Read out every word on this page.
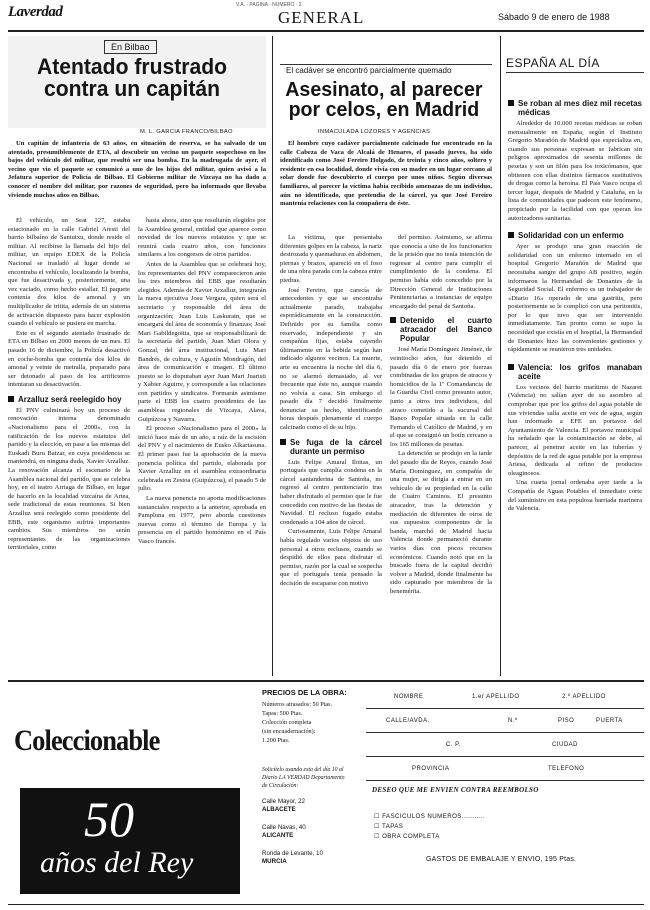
Laverdad	V.A. · PAGINA · NUMERO · 2
GENERAL	Sábado 9 de enero de 1988
En Bilbao
Atentado frustrado
contra un capitán
M. L. GARCIA FRANCO/BILBAO
Un capitán de infantería de 63 años, en situación de reserva, se ha salvado de un atentado, presumiblemente de ETA, al descubrir un vecino un paquete sospechoso en los bajos del vehículo del militar, que resultó ser una bomba. En la madrugada de ayer, el vecino que vio el paquete se comunicó a uno de los hijos del militar, quien avisó a la Jefatura superior de Policía de Bilbao. El Gobierno militar de Vizcaya no ha dado a conocer el nombre del militar, por razones de seguridad, pero ha informado que llevaba viviendo muchos años en Bilbao.

El vehículo, un Seat 127, estaba estacionado en la calle Gabriel Aresti del barrio bilbaíno de Santutxu, donde reside el militar. Al recibirse la llamada del hijo del militar, un equipo EDEX de la Policía Nacional se trasladó al lugar donde se encontraba el vehículo, localizando la bomba, que fue desactivada y, posteriormente, una vez vaciado, como hecho estallar. El paquete contenía dos kilos de amonal y un multiplicador de tritita, además de un sistema de activación dispuesto para hacer explosión cuando el vehículo se pusiera en marcha.

Este es el segundo atentado frustrado de ETA en Bilbao en 2000 menos de un mes. El pasado 16 de diciembre, la Policía desactivó en coche-bomba que contenía dos kilos de amonal y veinte de metralla, preparado para ser detonado al paso de los artificieros intentaran su desactivación.

Arzalluz será reelegido hoy

El PNV culminará hoy un proceso de renovación interna denominado «Nacionalismo para el 2000», con la ratificación de los nuevos estatutos del partido y la elección, en pase a las mismas del Euskadi Buru Batzar, en cuya presidencia se mantendrá, en ninguna duda, Xavier Arzalluz. La renovación alcanza el escenario de la Asamblea nacional del partido, que se celebra hoy, en el teatro Arriaga de Bilbao, en lugar de hacerlo en la localidad vizcaína de Artea, sede tradicional de estas reuniones. Si bien Arzalluz será reelegido como presidente del EBB, este organismo sufrirá importantes cambios. Sus miembros no serán representantes de las organizaciones territoriales, como

hasta ahora, sino que resultarán elegidos por la Asamblea general, entidad que aparece como novedad de los nuevos estatutos y que se reunirá cada cuatro años, con funciones similares a los congresos de otros partidos.

Antes de la Asamblea que se celebrará hoy, los representantes del PNV comparecieron ante los tres miembros del EBB que resultarán elegidos. Además de Xavier Arzalluz, integrarán la nueva ejecutiva Josu Vergara, quien será el secretario y responsable del área de organización; Juan Luis Laskurain, que se encargará del área de economía y finanzas; José Mari Gabildegoitia, que se responsabilizará de la secretaría del partido, Juan Mari Olora y Gonzal, del área institucional, Luis Mari Bandrés, de cultura, y Agustín Mondragón, del área de comunicación e imagen. El último puesto se lo disputaban ayer Juan Mari Juaristi y Xabier Aguirre, y corresponde a las relaciones con partidos y sindicatos. Formarán asimismo parte el EBB los cuatro presidentes de las asambleas regionales de Vizcaya, Alava, Guipúzcoa y Navarra.

El proceso «Nacionalismo para el 2000» la inició hace más de un año, a raíz de la escisión del PNV y el nacimiento de Eusko Alkartasuna. El primer paso fue la aprobación de la nueva ponencia política del partido, elaborada por Xavier Arzalluz en el asamblea extraordinaria celebrada en Zestoa (Guipúzcoa), el pasado 5 de julio.

La nueva ponencia no aporta modificaciones sustanciales respecto a la anterior, aprobada en Pamplona en 1977, pero aborda cuestiones nuevas como el término de Europa y la presencia en el partido homónimo en el País Vasco francés.

El cadáver se encontró parcialmente quemado
Asesinato, al parecer
por celos, en Madrid
INMACULADA LOZORES Y AGENCIAS
El hombre cuyo cadáver parcialmente calcinado fue encontrado en la calle Cabeza de Vaca de Alcalá de Henares, el pasado jueves, ha sido identificado como José Fereiro Holgado, de treinta y cinco años, soltero y residente en esa localidad, donde vivía con su madre en un lugar cercano al solar donde fue descubierto el cuerpo por unos niños. Según diversas familiares, al parecer la víctima había recibido amenazas de un individuo, aún no identificado, que pretendía de la cárcel, ya que José Fereiro mantenía relaciones con la compañera de éste.

La víctima, que presentaba diferentes golpes en la cabeza, la nariz destrozada y quemaduras en abdomen, piernas y brazos, apareció en el foso de una obra parada con la cabeza entre piedras.

José Fereiro, que carecía de antecedentes y que se encontraba actualmente parado, trabajaba esporádicamente en la construcción. Definido por su familia como reservado, independiente y sin compañías fijas, estaba cayendo últimamente en la bebida según han indicado algunos vecinos. La muerte, arte su encuentra la noche del día 6, no se alarmó demasiado, al ver frecuente que éste no, aunque cuando no volvía a casa. Sin embargo el pasado día 7 decidió finalmente denunciar su hecho, identificando horas después plenamente el cuerpo calcinado como el de su hijo.

Se fuga de la cárcel durante un permiso

Luis Felipe Amaral Iloitas, un portugués que cumplía condena en la cárcel santanderina de Santoña, no regresó al centro penitenciario tras haber disfrutado el permiso que le fue concedido con motivo de las fiestas de Navidad. El recluso fugado estaba condenado a 104 años de cárcel.

Curiosamente, Luis Felipe Amaral había regulado varios objetos de uso personal a otros reclusos, cuando se despidió de ellos para disfrutar el permiso, razón por la cual se sospecha que el portugués tenía pensado la decisión de escaparse con motivo

del permiso. Asimismo, se afirma que conocía a uno de los funcionarios de la prisión que no tenía intención de regresar al centro para cumplir el cumplimiento de la condena. El permiso había sido concedido por la Dirección General de Instituciones Penitenciarias a instancias de equipo encargado del penal de Santoña.

Detenido el cuarto atracador del Banco Popular

José María Domínguez Jiménez, de veintiocho años, fue detenido el pasado día 6 de enero por fuerzas combinadas de los grupos de atracos y homicidios de la 1ª Comandancia de la Guardia Civil como presunto autor, junto a otros tres individuos, del atraco cometido a la sucursal del Banco Popular situada en la calle Fernando el Católico de Madrid, y en el que se consiguió un botín cercano a los 165 millones de pesetas.

La detención se produjo en la tarde del pasado día de Reyes, cuando José María Domínguez, en compañía de una mujer, se dirigía a entrar en un vehículo de su propiedad en la calle de Cuatro Caminos. El presunto atracador, tras la detención y mediación de diferentes de otros de sus supuestos componentes de la banda, marchó de Madrid hacia Valencia donde permaneció durante varios días con pocos recursos económicos. Cuando notó que en la buscado fuera de la capital decidió volver a Madrid, donde finalmente ha sido capturado por miembros de la benemérita.

ESPAÑA AL DÍA
Se roban al mes diez mil recetas médicas

Alrededor de 10.000 recetas médicas se roban mensualmente en España, según el Instituto Gregorio Marañón de Madrid que especializa en, cuando sus personas expresan se fabrican sin peligros aproximados de sesenta millones de pesetas y son un filón para los toxicómanos, que obtienen con ellas distintos fármacos sustitutivos de drogas como la heroína. El País Vasco ocupa el tercer lugar, después de Madrid y Cataluña, en la lista de comunidades que padecen este fenómeno, propiciado por la facilidad con que operan los autorizadores sanitarias.

Solidaridad con un enfermo

Ayer se produjo una gran reacción de solidaridad con un enfermo internado en el hospital Gregorio Marañón de Madrid que necesitaba sangre del grupo AB positivo, según informaron la Hermandad de Donantes de la Seguridad Social. El enfermo es un trabajador de «Diario 16» operado de una gastritis, pero posteriormente se le complicó con una peritonitis, por lo que tuvo que ser intervenido inmediatamente. Tan pronto como se supo la necesidad que existía en el hospital, la Hermandad de Donantes hizo las convenientes gestiones y rápidamente se reunieron tres unidades.

Valencia: los grifos manaban aceite

Los vecinos del barrio marítimo de Nazaret (Valencia) no salían ayer de su asombro al comprobar que por los grifos del agua potable de sus viviendas salía aceite en vez de agua, según han informado a EFE un portavoz del Ayuntamiento de Valencia. El portavoz municipal ha señalado que la contaminación se debe, al parecer, al penetrar aceite en las tuberías y depósitos de la red de agua potable por la empresa Ariesa, dedicada al refino de productos oleaginosos.

Una cuarta jornal ordenaba ayer tarde a la Compañía de Aguas Potables el inmediato corte del suministro en esta populosa barriada marinera de Valencia.

Coleccionable
50
años del Rey
PRECIOS DE LA OBRA:
Números atrasados: 50 Ptas.
Tapas: 500 Ptas.
Colección completa
(sin encuadernación):
1.200 Ptas.
Solicítelo usando esta del día 10 al
Diario LA VERDAD Departamento
de Circulación:
Calle Mayor, 22
ALBACETE
Calle Navas, 40
ALICANTE
Ronda de Levante, 10
MURCIA
NOMBRE	1.er APELLIDO	2.º APELLIDO
CALLE/AVDA.	N.º	PISO	PUERTA
C. P.	CIUDAD
PROVINCIA	TELEFONO
DESEO QUE ME ENVIEN CONTRA REEMBOLSO
☐ FASCICULOS NUMEROS...........
☐ TAPAS
☐ OBRA COMPLETA
GASTOS DE EMBALAJE Y ENVIO, 195 Ptas.
